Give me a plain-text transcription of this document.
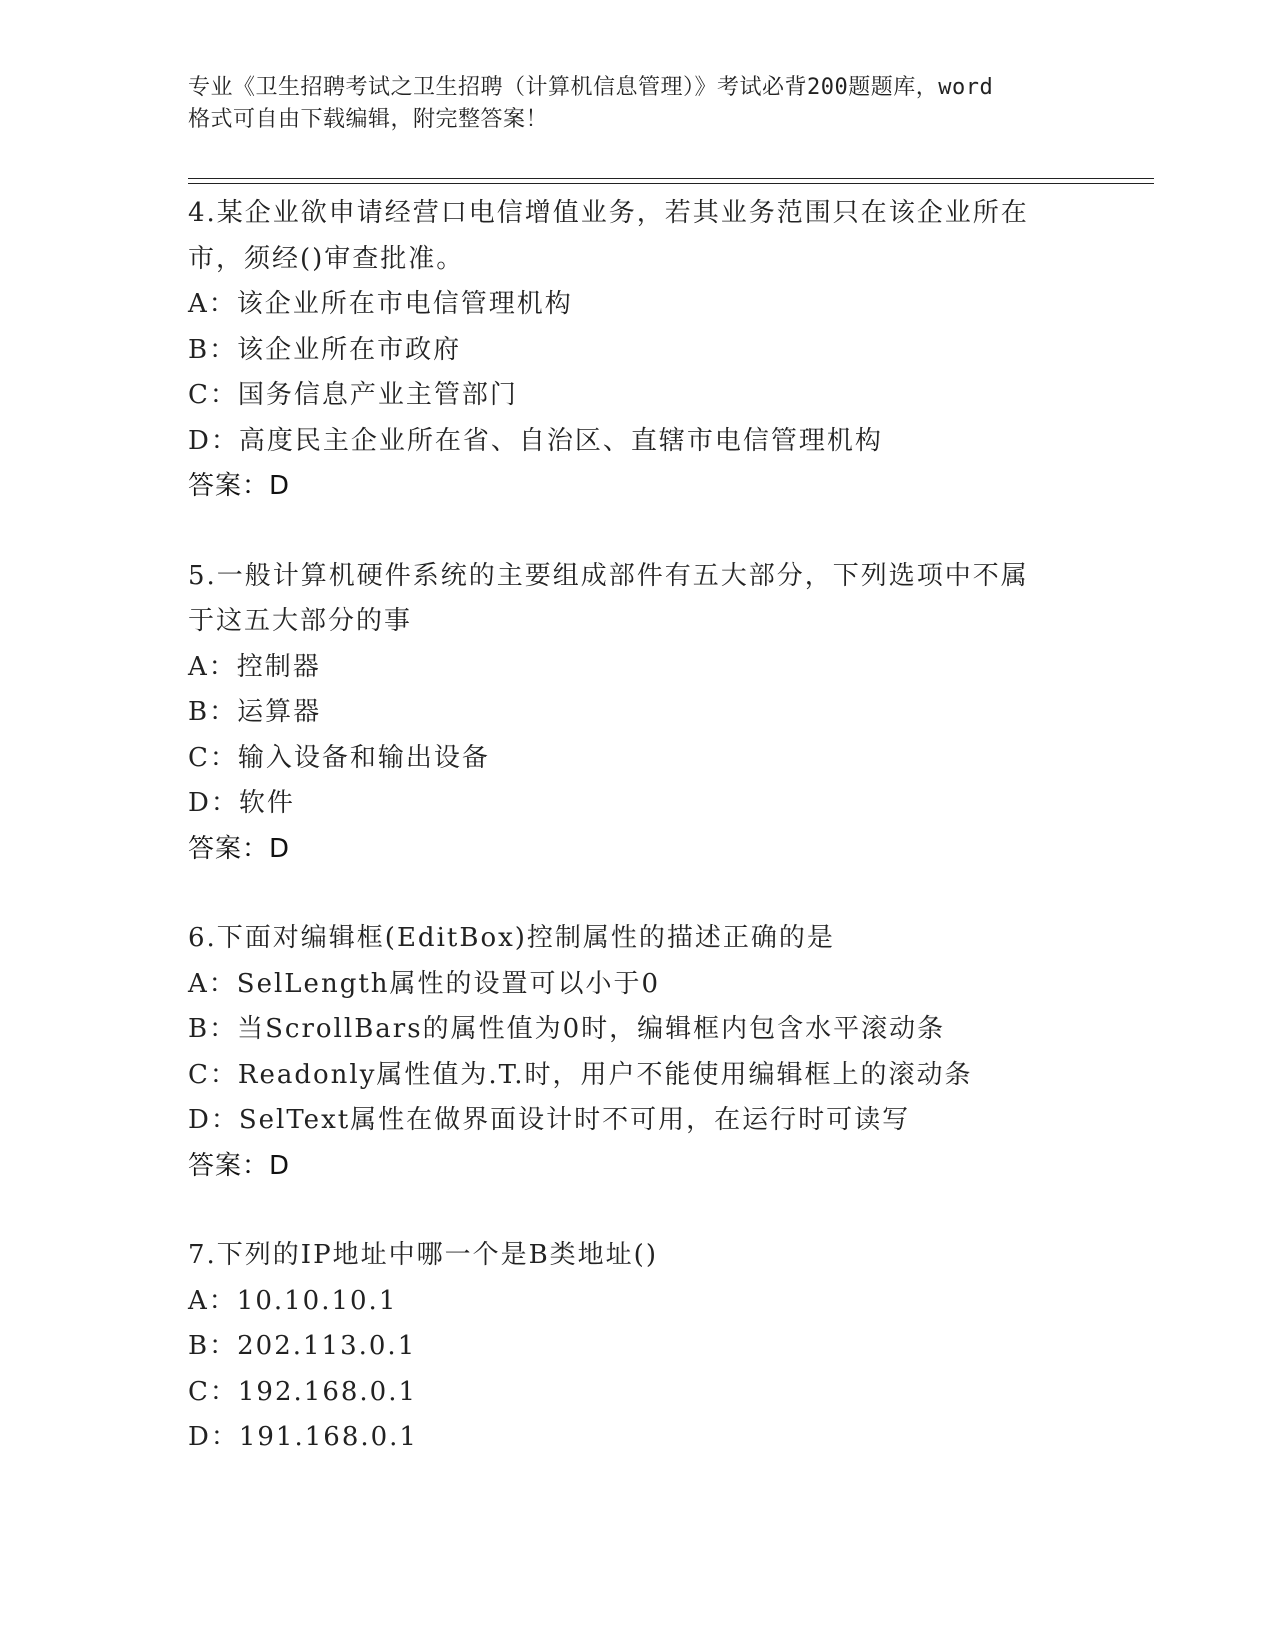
专业《卫生招聘考试之卫生招聘（计算机信息管理）》考试必背200题题库，word
格式可自由下载编辑，附完整答案！
4.某企业欲申请经营口电信增值业务，若其业务范围只在该企业所在
市，须经()审查批准。
A：该企业所在市电信管理机构
B：该企业所在市政府
C：国务信息产业主管部门
D：高度民主企业所在省、自治区、直辖市电信管理机构
答案：D
5.一般计算机硬件系统的主要组成部件有五大部分，下列选项中不属
于这五大部分的事
A：控制器
B：运算器
C：输入设备和输出设备
D：软件
答案：D
6.下面对编辑框(EditBox)控制属性的描述正确的是
A：SelLength属性的设置可以小于0
B：当ScrollBars的属性值为0时，编辑框内包含水平滚动条
C：Readonly属性值为.T.时，用户不能使用编辑框上的滚动条
D：SelText属性在做界面设计时不可用，在运行时可读写
答案：D
7.下列的IP地址中哪一个是B类地址()
A：10.10.10.1
B：202.113.0.1
C：192.168.0.1
D：191.168.0.1
